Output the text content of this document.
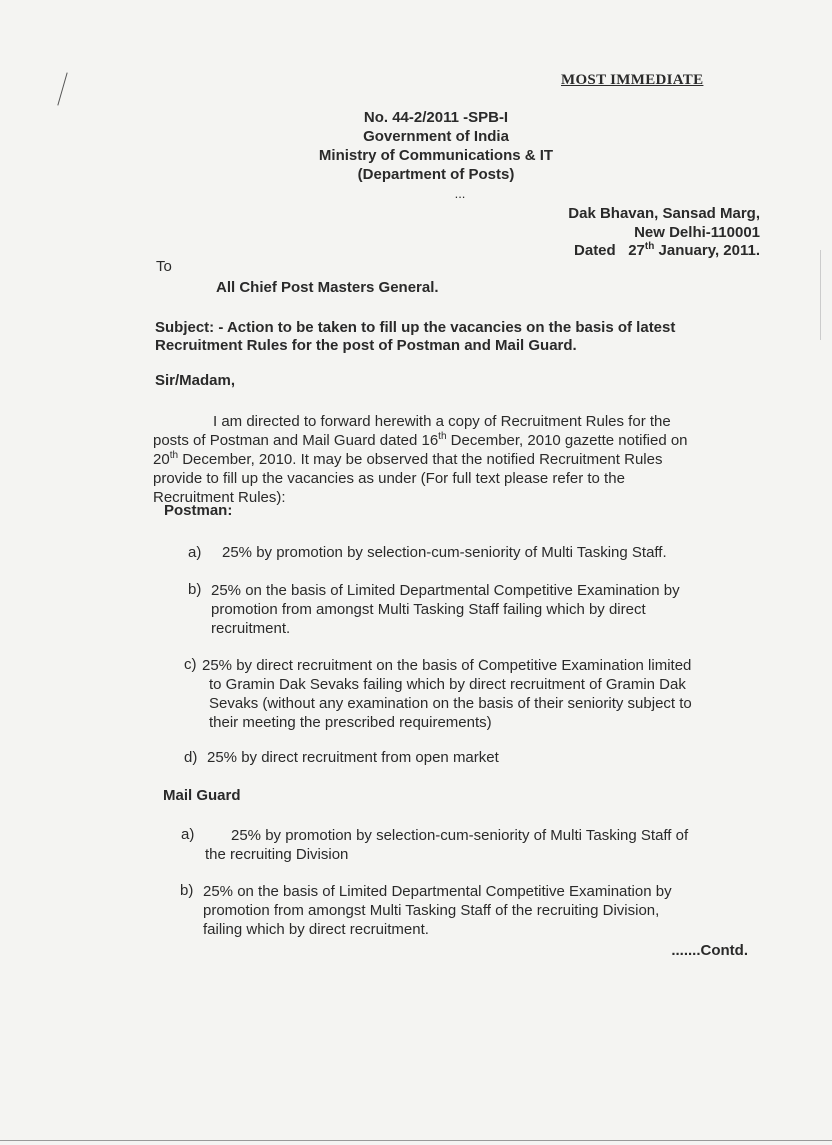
MOST IMMEDIATE
No. 44-2/2011 -SPB-I
Government of India
Ministry of Communications & IT
(Department of Posts)
...
Dak Bhavan, Sansad Marg,
New Delhi-110001
Dated 27th January, 2011.
To
All Chief Post Masters General.
Subject: - Action to be taken to fill up the vacancies on the basis of latest
Recruitment Rules for the post of Postman and Mail Guard.
Sir/Madam,
I am directed to forward herewith a copy of Recruitment Rules for the
posts of Postman and Mail Guard dated 16th December, 2010 gazette notified on
20th December, 2010. It may be observed that the notified Recruitment Rules
provide to fill up the vacancies as under (For full text please refer to the
Recruitment Rules):
Postman:
a) 25% by promotion by selection-cum-seniority of Multi Tasking Staff.
b) 25% on the basis of Limited Departmental Competitive Examination by
promotion from amongst Multi Tasking Staff failing which by direct
recruitment.
c) 25% by direct recruitment on the basis of Competitive Examination limited
to Gramin Dak Sevaks failing which by direct recruitment of Gramin Dak
Sevaks (without any examination on the basis of their seniority subject to
their meeting the prescribed requirements)
d) 25% by direct recruitment from open market
Mail Guard
a)	25% by promotion by selection-cum-seniority of Multi Tasking Staff of
the recruiting Division
b) 25% on the basis of Limited Departmental Competitive Examination by
promotion from amongst Multi Tasking Staff of the recruiting Division,
failing which by direct recruitment.
.......Contd.
